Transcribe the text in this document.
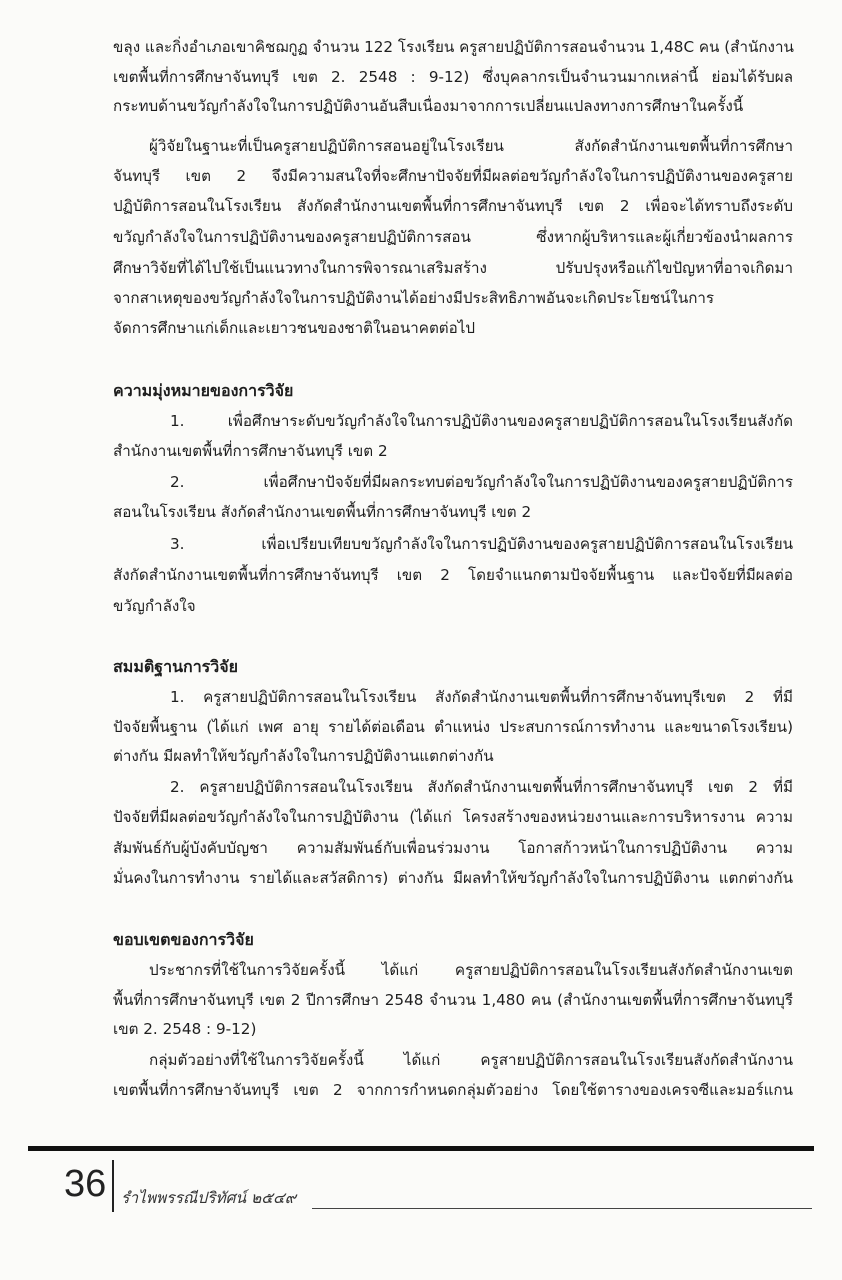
ขลุง และกิ่งอำเภอเขาคิชฌกูฏ จำนวน 122 โรงเรียน ครูสายปฏิบัติการสอนจำนวน 1,48C คน (สำนักงาน
เขตพื้นที่การศึกษาจันทบุรี เขต 2. 2548 : 9-12) ซึ่งบุคลากรเป็นจำนวนมากเหล่านี้ ย่อมได้รับผล
กระทบด้านขวัญกำลังใจในการปฏิบัติงานอันสืบเนื่องมาจากการเปลี่ยนแปลงทางการศึกษาในครั้งนี้
ผู้วิจัยในฐานะที่เป็นครูสายปฏิบัติการสอนอยู่ในโรงเรียน สังกัดสำนักงานเขตพื้นที่การศึกษา
จันทบุรี เขต 2 จึงมีความสนใจที่จะศึกษาปัจจัยที่มีผลต่อขวัญกำลังใจในการปฏิบัติงานของครูสาย
ปฏิบัติการสอนในโรงเรียน สังกัดสำนักงานเขตพื้นที่การศึกษาจันทบุรี เขต 2 เพื่อจะได้ทราบถึงระดับ
ขวัญกำลังใจในการปฏิบัติงานของครูสายปฏิบัติการสอน ซึ่งหากผู้บริหารและผู้เกี่ยวข้องนำผลการ
ศึกษาวิจัยที่ได้ไปใช้เป็นแนวทางในการพิจารณาเสริมสร้าง ปรับปรุงหรือแก้ไขปัญหาที่อาจเกิดมา
จากสาเหตุของขวัญกำลังใจในการปฏิบัติงานได้อย่างมีประสิทธิภาพอันจะเกิดประโยชน์ในการ
จัดการศึกษาแก่เด็กและเยาวชนของชาติในอนาคตต่อไป
ความมุ่งหมายของการวิจัย
1. เพื่อศึกษาระดับขวัญกำลังใจในการปฏิบัติงานของครูสายปฏิบัติการสอนในโรงเรียนสังกัด
สำนักงานเขตพื้นที่การศึกษาจันทบุรี เขต 2
2. เพื่อศึกษาปัจจัยที่มีผลกระทบต่อขวัญกำลังใจในการปฏิบัติงานของครูสายปฏิบัติการ
สอนในโรงเรียน สังกัดสำนักงานเขตพื้นที่การศึกษาจันทบุรี เขต 2
3. เพื่อเปรียบเทียบขวัญกำลังใจในการปฏิบัติงานของครูสายปฏิบัติการสอนในโรงเรียน
สังกัดสำนักงานเขตพื้นที่การศึกษาจันทบุรี เขต 2 โดยจำแนกตามปัจจัยพื้นฐาน และปัจจัยที่มีผลต่อ
ขวัญกำลังใจ
สมมติฐานการวิจัย
1. ครูสายปฏิบัติการสอนในโรงเรียน สังกัดสำนักงานเขตพื้นที่การศึกษาจันทบุรีเขต 2 ที่มี
ปัจจัยพื้นฐาน (ได้แก่ เพศ อายุ รายได้ต่อเดือน ตำแหน่ง ประสบการณ์การทำงาน และขนาดโรงเรียน)
ต่างกัน มีผลทำให้ขวัญกำลังใจในการปฏิบัติงานแตกต่างกัน
2. ครูสายปฏิบัติการสอนในโรงเรียน สังกัดสำนักงานเขตพื้นที่การศึกษาจันทบุรี เขต 2 ที่มี
ปัจจัยที่มีผลต่อขวัญกำลังใจในการปฏิบัติงาน (ได้แก่ โครงสร้างของหน่วยงานและการบริหารงาน ความ
สัมพันธ์กับผู้บังคับบัญชา ความสัมพันธ์กับเพื่อนร่วมงาน โอกาสก้าวหน้าในการปฏิบัติงาน ความ
มั่นคงในการทำงาน รายได้และสวัสดิการ) ต่างกัน มีผลทำให้ขวัญกำลังใจในการปฏิบัติงาน แตกต่างกัน
ขอบเขตของการวิจัย
ประชากรที่ใช้ในการวิจัยครั้งนี้ ได้แก่ ครูสายปฏิบัติการสอนในโรงเรียนสังกัดสำนักงานเขต
พื้นที่การศึกษาจันทบุรี เขต 2 ปีการศึกษา 2548 จำนวน 1,480 คน (สำนักงานเขตพื้นที่การศึกษาจันทบุรี
เขต 2. 2548 : 9-12)
กลุ่มตัวอย่างที่ใช้ในการวิจัยครั้งนี้ ได้แก่ ครูสายปฏิบัติการสอนในโรงเรียนสังกัดสำนักงาน
เขตพื้นที่การศึกษาจันทบุรี เขต 2 จากการกำหนดกลุ่มตัวอย่าง โดยใช้ตารางของเครจซีและมอร์แกน
36 รำไพพรรณีปริทัศน์ ๒๕๔๙
